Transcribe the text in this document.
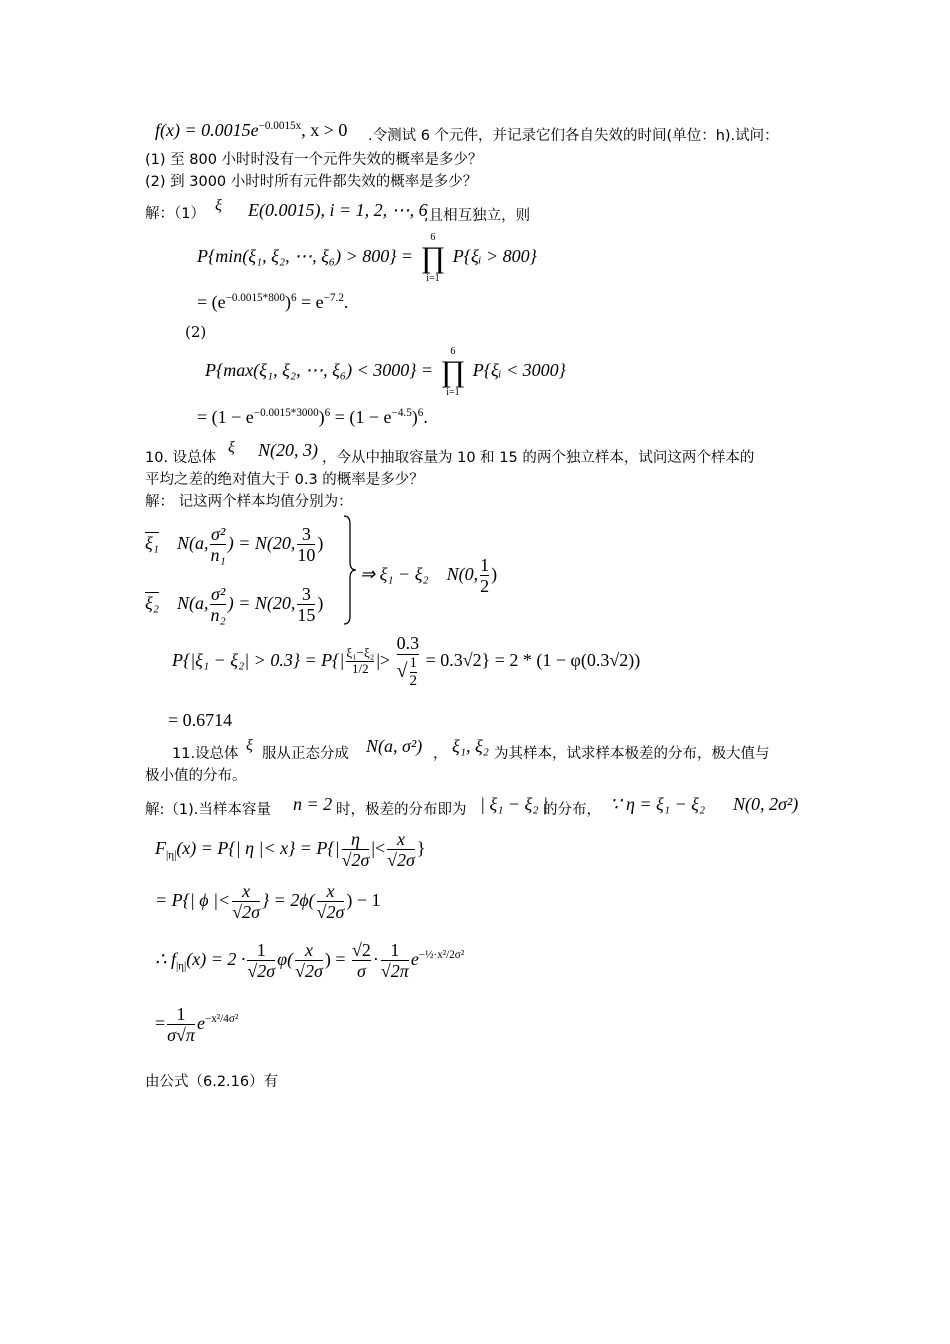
$f(x) = 0.0015e^{-0.0015x}$, x > 0 .令测试 6 个元件，并记录它们各自失效的时间(单位：h).试问：
(1) 至 800 小时时没有一个元件失效的概率是多少？
(2) 到 3000 小时时所有元件都失效的概率是多少？
解：（1） ξ E(0.0015), i = 1, 2, ⋯, 6
,且相互独立，则
P{min(ξ₁, ξ₂, ⋯, ξ₆) > 800} =
6
∏
i=1
P{ξᵢ > 800}
= $(e^{-0.0015*800})^6 = e^{-7.2}$.
(2)
P{max(ξ₁, ξ₂, ⋯, ξ₆) < 3000} =
6
∏
i=1
P{ξᵢ < 3000}
= $(1 - e^{-0.0015*3000})^6 = (1 - e^{-4.5})^6$.
10. 设总体
ξ N(20, 3) ，今从中抽取容量为 10 和 15 的两个独立样本，试问这两个样本的
平均之差的绝对值大于 0.3 的概率是多少？
解： 记这两个样本均值分别为：
ξ₁ N(a, $\frac{\text{σ²}}{\text{n₁}}$ ) = N(20, $\frac{3}{10}$ )
ξ₂ N(a, $\frac{\text{σ²}}{\text{n₂}}$ ) = N(20, $\frac{3}{15}$ )
⇒ ξ₁ − ξ₂ N(0, $\frac{1}{2}$ )
$P\{|\xi_1 - \xi_2| > 0.3\} = P\{| \frac{\text{ξ₁−ξ₂}}{1/2}$ |> $\frac{0.3}{√ \frac{1}{2}} = 0.3√2\} = 2 * (1 - \varphi(0.3√2))$
= 0.6714
11.设总体 ξ 服从正态分成 N(a, σ²) ， ξ₁, ξ₂ 为其样本，试求样本极差的分布，极大值与
极小值的分布。
解:（1).当样本容量 n = 2 时，极差的分布即为 | ξ₁ − ξ₂ |
的分布， ∵ η = ξ₁ − ξ₂ N(0, 2σ²)
$F_{|\eta|}(x) = P\{|$ η |< $x\} = P\{| \frac{\eta}{√2\sigma}$ |< $\frac{x}{√2\sigma}$ }
= P{| ϕ |< $\frac{x}{√2\sigma}$ } = $2\phi( \frac{x}{√2\sigma}$ ) − 1
∴ $f_{|\eta|}(x) = 2 \cdot \frac{1}{√2\sigma} \varphi( \frac{x}{√2\sigma}$ ) = $\frac{√2}{\sigma} \cdot \frac{1}{√2\pi} e^{-\frac{1}{2}\cdot x^2/2\sigma^2}$
= $\frac{1}{\sigma√\pi} e^{-x^2/4\sigma^2}$
由公式（6.2.16）有
